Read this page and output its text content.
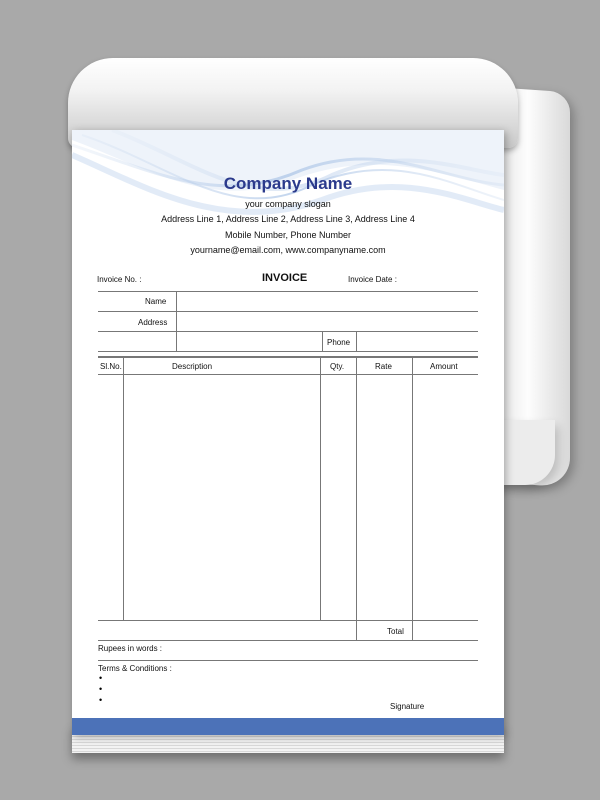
Company Name
your company slogan
Address Line 1, Address Line 2, Address Line 3, Address Line 4
Mobile Number, Phone Number
yourname@email.com, www.companyname.com
Invoice No. :	INVOICE	Invoice Date :
Name
Address
Phone
Sl.No.	Description	Qty.	Rate	Amount
Total
Rupees in words :
Terms & Conditions :
•
•
•
Signature
